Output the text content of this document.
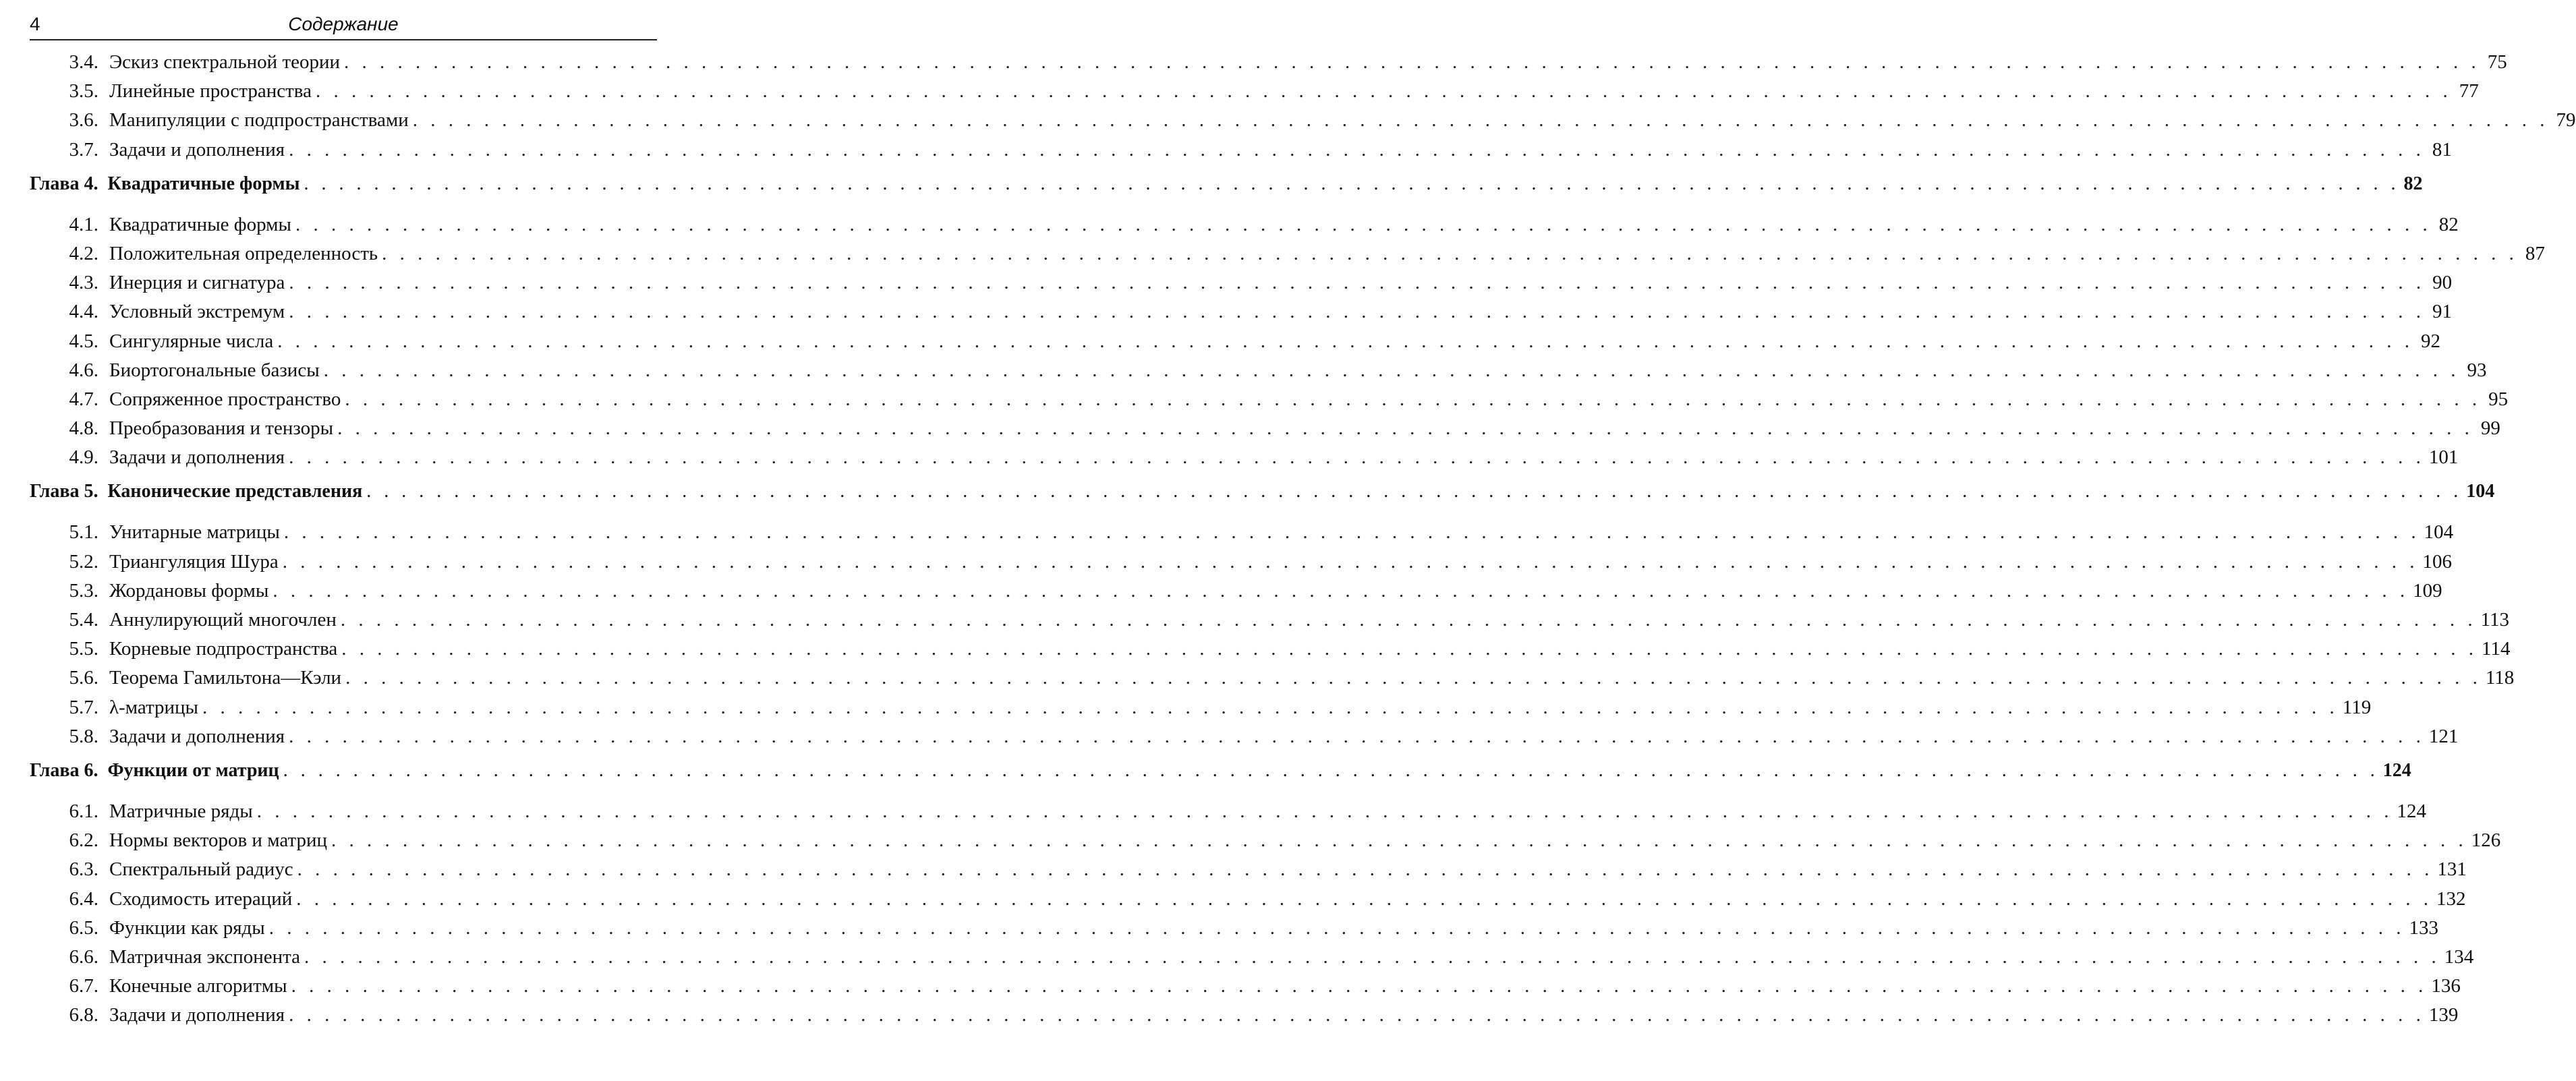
4	Содержание
3.4. Эскиз спектральной теории . . . . . . . . . . . . . . . . . . . . . . . . . . . . . . . . . . . . . . . . . . . . . . . . . . . . . . . . . . . . . . . . . . . . . . . . . . . . . . . . . . . . . . . . . . . . . . . . . . . . . . . . . . . . . . . . . . . . . . . . 75
3.5. Линейные пространства . . . . . . . . . . . . . . . . . . . . . . . . . . . . . . . . . . . . . . . . . . . . . . . . . . . . . . . . . . . . . . . . . . . . . . . . . . . . . . . . . . . . . . . . . . . . . . . . . . . . . . . . . . . . . . . . . . . . . . . . 77
3.6. Манипуляции с подпространствами . . . . . . . . . . . . . . . . . . . . . . . . . . . . . . . . . . . . . . . . . . . . . . . . . . . . . . . . . . . . . . . . . . . . . . . . . . . . . . . . . . . . . . . . . . . . . . . . . . . . . . . . . . . . . . . . . . . . . . . . 79
3.7. Задачи и дополнения . . . . . . . . . . . . . . . . . . . . . . . . . . . . . . . . . . . . . . . . . . . . . . . . . . . . . . . . . . . . . . . . . . . . . . . . . . . . . . . . . . . . . . . . . . . . . . . . . . . . . . . . . . . . . . . . . . . . . . . . 81
Глава 4. Квадратичные формы . . . . . . . . . . . . . . . . . . . . . . . . . . . . . . . . . . . . . . . . . . . . . . . . . . . . . . . . . . . . . . . . . . . . . . . . . . . . . . . . . . . . . . . . . . . . . . . . . . . . . . . . . . . . . . . . . . . . . . . . 82
4.1. Квадратичные формы . . . . . . . . . . . . . . . . . . . . . . . . . . . . . . . . . . . . . . . . . . . . . . . . . . . . . . . . . . . . . . . . . . . . . . . . . . . . . . . . . . . . . . . . . . . . . . . . . . . . . . . . . . . . . . . . . . . . . . . . 82
4.2. Положительная определенность . . . . . . . . . . . . . . . . . . . . . . . . . . . . . . . . . . . . . . . . . . . . . . . . . . . . . . . . . . . . . . . . . . . . . . . . . . . . . . . . . . . . . . . . . . . . . . . . . . . . . . . . . . . . . . . . . . . . . . . . 87
4.3. Инерция и сигнатура . . . . . . . . . . . . . . . . . . . . . . . . . . . . . . . . . . . . . . . . . . . . . . . . . . . . . . . . . . . . . . . . . . . . . . . . . . . . . . . . . . . . . . . . . . . . . . . . . . . . . . . . . . . . . . . . . . . . . . . . 90
4.4. Условный экстремум . . . . . . . . . . . . . . . . . . . . . . . . . . . . . . . . . . . . . . . . . . . . . . . . . . . . . . . . . . . . . . . . . . . . . . . . . . . . . . . . . . . . . . . . . . . . . . . . . . . . . . . . . . . . . . . . . . . . . . . . 91
4.5. Сингулярные числа . . . . . . . . . . . . . . . . . . . . . . . . . . . . . . . . . . . . . . . . . . . . . . . . . . . . . . . . . . . . . . . . . . . . . . . . . . . . . . . . . . . . . . . . . . . . . . . . . . . . . . . . . . . . . . . . . . . . . . . . 92
4.6. Биортогональные базисы . . . . . . . . . . . . . . . . . . . . . . . . . . . . . . . . . . . . . . . . . . . . . . . . . . . . . . . . . . . . . . . . . . . . . . . . . . . . . . . . . . . . . . . . . . . . . . . . . . . . . . . . . . . . . . . . . . . . . . . . 93
4.7. Сопряженное пространство . . . . . . . . . . . . . . . . . . . . . . . . . . . . . . . . . . . . . . . . . . . . . . . . . . . . . . . . . . . . . . . . . . . . . . . . . . . . . . . . . . . . . . . . . . . . . . . . . . . . . . . . . . . . . . . . . . . . . . . . 95
4.8. Преобразования и тензоры . . . . . . . . . . . . . . . . . . . . . . . . . . . . . . . . . . . . . . . . . . . . . . . . . . . . . . . . . . . . . . . . . . . . . . . . . . . . . . . . . . . . . . . . . . . . . . . . . . . . . . . . . . . . . . . . . . . . . . . . 99
4.9. Задачи и дополнения . . . . . . . . . . . . . . . . . . . . . . . . . . . . . . . . . . . . . . . . . . . . . . . . . . . . . . . . . . . . . . . . . . . . . . . . . . . . . . . . . . . . . . . . . . . . . . . . . . . . . . . . . . . . . . . . . . . . . . . . 101
Глава 5. Канонические представления . . . . . . . . . . . . . . . . . . . . . . . . . . . . . . . . . . . . . . . . . . . . . . . . . . . . . . . . . . . . . . . . . . . . . . . . . . . . . . . . . . . . . . . . . . . . . . . . . . . . . . . . . . . . . . . . . . . . . . . . 104
5.1. Унитарные матрицы . . . . . . . . . . . . . . . . . . . . . . . . . . . . . . . . . . . . . . . . . . . . . . . . . . . . . . . . . . . . . . . . . . . . . . . . . . . . . . . . . . . . . . . . . . . . . . . . . . . . . . . . . . . . . . . . . . . . . . . . 104
5.2. Триангуляция Шура . . . . . . . . . . . . . . . . . . . . . . . . . . . . . . . . . . . . . . . . . . . . . . . . . . . . . . . . . . . . . . . . . . . . . . . . . . . . . . . . . . . . . . . . . . . . . . . . . . . . . . . . . . . . . . . . . . . . . . . . 106
5.3. Жордановы формы . . . . . . . . . . . . . . . . . . . . . . . . . . . . . . . . . . . . . . . . . . . . . . . . . . . . . . . . . . . . . . . . . . . . . . . . . . . . . . . . . . . . . . . . . . . . . . . . . . . . . . . . . . . . . . . . . . . . . . . . 109
5.4. Аннулирующий многочлен . . . . . . . . . . . . . . . . . . . . . . . . . . . . . . . . . . . . . . . . . . . . . . . . . . . . . . . . . . . . . . . . . . . . . . . . . . . . . . . . . . . . . . . . . . . . . . . . . . . . . . . . . . . . . . . . . . . . . . . . 113
5.5. Корневые подпространства . . . . . . . . . . . . . . . . . . . . . . . . . . . . . . . . . . . . . . . . . . . . . . . . . . . . . . . . . . . . . . . . . . . . . . . . . . . . . . . . . . . . . . . . . . . . . . . . . . . . . . . . . . . . . . . . . . . . . . . . 114
5.6. Теорема Гамильтона—Кэли . . . . . . . . . . . . . . . . . . . . . . . . . . . . . . . . . . . . . . . . . . . . . . . . . . . . . . . . . . . . . . . . . . . . . . . . . . . . . . . . . . . . . . . . . . . . . . . . . . . . . . . . . . . . . . . . . . . . . . . . 118
5.7. λ-матрицы . . . . . . . . . . . . . . . . . . . . . . . . . . . . . . . . . . . . . . . . . . . . . . . . . . . . . . . . . . . . . . . . . . . . . . . . . . . . . . . . . . . . . . . . . . . . . . . . . . . . . . . . . . . . . . . . . . . . . . . . 119
5.8. Задачи и дополнения . . . . . . . . . . . . . . . . . . . . . . . . . . . . . . . . . . . . . . . . . . . . . . . . . . . . . . . . . . . . . . . . . . . . . . . . . . . . . . . . . . . . . . . . . . . . . . . . . . . . . . . . . . . . . . . . . . . . . . . . 121
Глава 6. Функции от матриц . . . . . . . . . . . . . . . . . . . . . . . . . . . . . . . . . . . . . . . . . . . . . . . . . . . . . . . . . . . . . . . . . . . . . . . . . . . . . . . . . . . . . . . . . . . . . . . . . . . . . . . . . . . . . . . . . . . . . . . . 124
6.1. Матричные ряды . . . . . . . . . . . . . . . . . . . . . . . . . . . . . . . . . . . . . . . . . . . . . . . . . . . . . . . . . . . . . . . . . . . . . . . . . . . . . . . . . . . . . . . . . . . . . . . . . . . . . . . . . . . . . . . . . . . . . . . . 124
6.2. Нормы векторов и матриц . . . . . . . . . . . . . . . . . . . . . . . . . . . . . . . . . . . . . . . . . . . . . . . . . . . . . . . . . . . . . . . . . . . . . . . . . . . . . . . . . . . . . . . . . . . . . . . . . . . . . . . . . . . . . . . . . . . . . . . . 126
6.3. Спектральный радиус . . . . . . . . . . . . . . . . . . . . . . . . . . . . . . . . . . . . . . . . . . . . . . . . . . . . . . . . . . . . . . . . . . . . . . . . . . . . . . . . . . . . . . . . . . . . . . . . . . . . . . . . . . . . . . . . . . . . . . . . 131
6.4. Сходимость итераций . . . . . . . . . . . . . . . . . . . . . . . . . . . . . . . . . . . . . . . . . . . . . . . . . . . . . . . . . . . . . . . . . . . . . . . . . . . . . . . . . . . . . . . . . . . . . . . . . . . . . . . . . . . . . . . . . . . . . . . . 132
6.5. Функции как ряды . . . . . . . . . . . . . . . . . . . . . . . . . . . . . . . . . . . . . . . . . . . . . . . . . . . . . . . . . . . . . . . . . . . . . . . . . . . . . . . . . . . . . . . . . . . . . . . . . . . . . . . . . . . . . . . . . . . . . . . . 133
6.6. Матричная экспонента . . . . . . . . . . . . . . . . . . . . . . . . . . . . . . . . . . . . . . . . . . . . . . . . . . . . . . . . . . . . . . . . . . . . . . . . . . . . . . . . . . . . . . . . . . . . . . . . . . . . . . . . . . . . . . . . . . . . . . . . 134
6.7. Конечные алгоритмы . . . . . . . . . . . . . . . . . . . . . . . . . . . . . . . . . . . . . . . . . . . . . . . . . . . . . . . . . . . . . . . . . . . . . . . . . . . . . . . . . . . . . . . . . . . . . . . . . . . . . . . . . . . . . . . . . . . . . . . . 136
6.8. Задачи и дополнения . . . . . . . . . . . . . . . . . . . . . . . . . . . . . . . . . . . . . . . . . . . . . . . . . . . . . . . . . . . . . . . . . . . . . . . . . . . . . . . . . . . . . . . . . . . . . . . . . . . . . . . . . . . . . . . . . . . . . . . . 139
